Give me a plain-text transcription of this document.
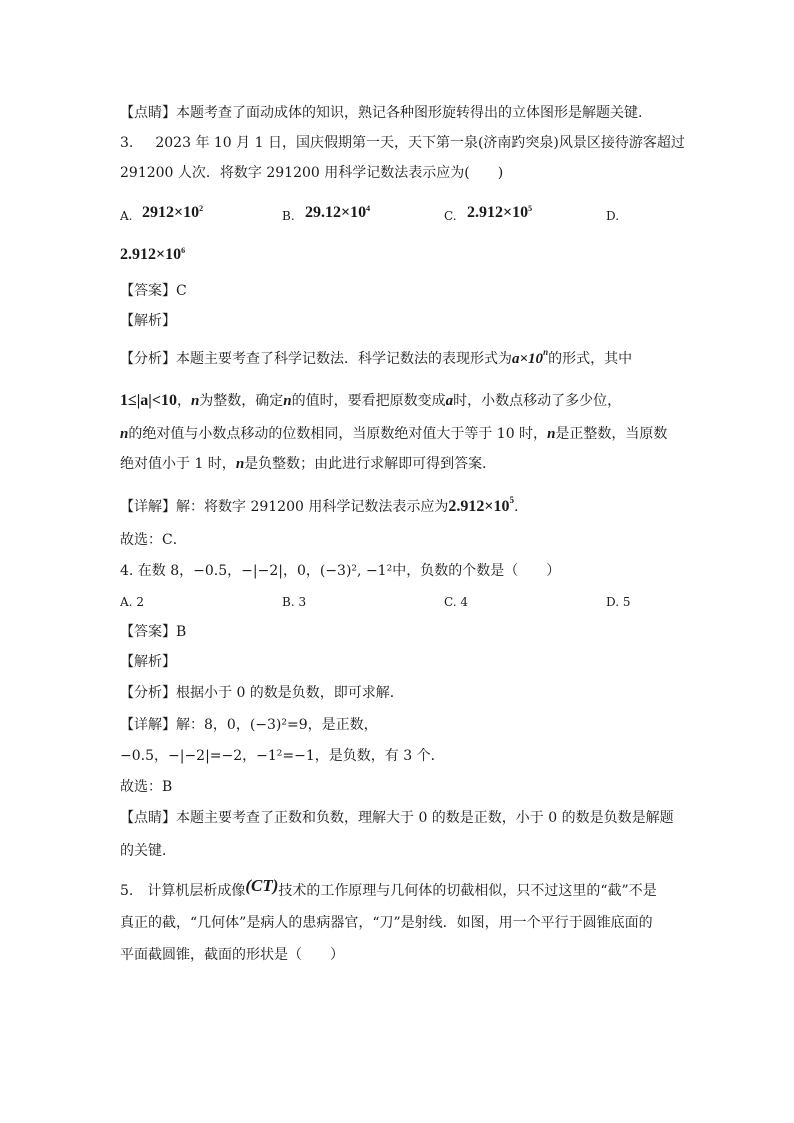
【点睛】本题考查了面动成体的知识，熟记各种图形旋转得出的立体图形是解题关键.
3. 2023 年 10 月 1 日，国庆假期第一天，天下第一泉(济南趵突泉)风景区接待游客超过
291200 人次．将数字 291200 用科学记数法表示应为(　　)
A. $2912\times 10^2$
B. $29.12\times 10^4$
C. $2.912\times 10^5$
D.
$2.912\times 10^6$
【答案】C
【解析】
【分析】本题主要考查了科学记数法．科学记数法的表现形式为$a\times 10^n$的形式，其中
1≤|a|<10，n为整数，确定n的值时，要看把原数变成a时，小数点移动了多少位，
n的绝对值与小数点移动的位数相同，当原数绝对值大于等于 10 时，n是正整数，当原数
绝对值小于 1 时，n是负整数；由此进行求解即可得到答案．
【详解】解：将数字 291200 用科学记数法表示应为$2.912\times 10^5$.
故选：C．
4. 在数 8，−0.5，−|−2|，0，(−3)², −1²中，负数的个数是（　　）
A. 2	B. 3	C. 4	D. 5
【答案】B
【解析】
【分析】根据小于 0 的数是负数，即可求解．
【详解】解：8，0，(−3)²=9，是正数，
−0.5，−|−2|=−2，−1²=−1，是负数，有 3 个．
故选：B
【点睛】本题主要考查了正数和负数，理解大于 0 的数是正数，小于 0 的数是负数是解题
的关键．
5.　计算机层析成像(CT)技术的工作原理与几何体的切截相似，只不过这里的“截”不是
真正的截，“几何体”是病人的患病器官，“刀”是射线．如图，用一个平行于圆锥底面的
平面截圆锥，截面的形状是（　　）
